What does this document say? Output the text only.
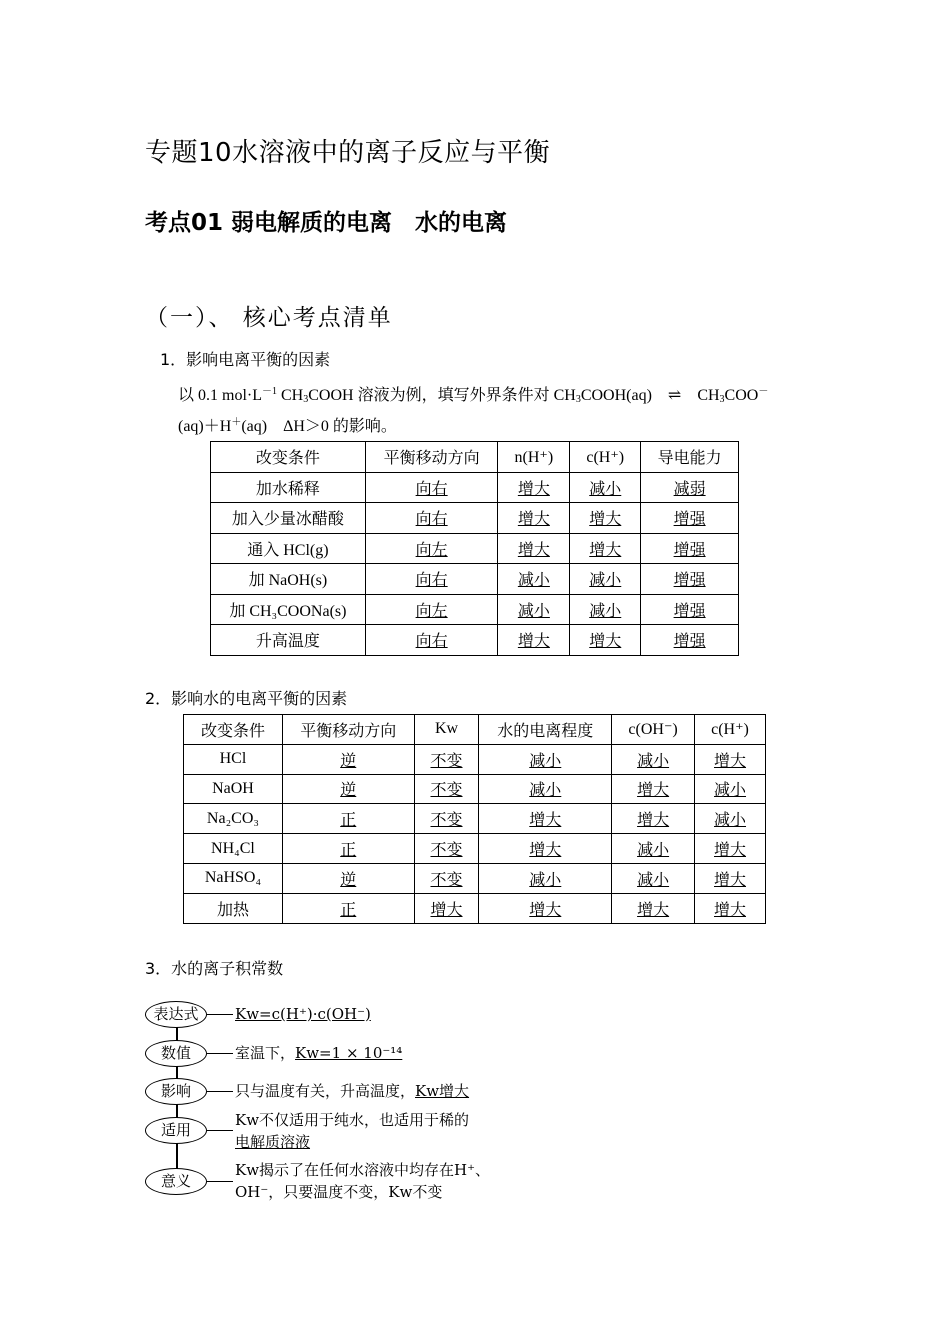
专题10水溶液中的离子反应与平衡
考点01 弱电解质的电离　水的电离
（一）、 核心考点清单
1．影响电离平衡的因素
以 0.1 $mol\cdot L^{-1}$ $CH_3COOH$ 溶液为例，填写外界条件对 $CH_3COOH(aq)$　⇌　$CH_3COO^-$
(aq)＋H＋(aq)　ΔH＞0 的影响。
改变条件	平衡移动方向	n(H⁺)	c(H⁺)	导电能力
加水稀释	向右	增大	减小	减弱
加入少量冰醋酸	向右	增大	增大	增强
通入 HCl(g)	向左	增大	增大	增强
加 NaOH(s)	向右	减小	减小	增强
加 CH₃COONa(s)	向左	减小	减小	增强
升高温度	向右	增大	增大	增强
2．影响水的电离平衡的因素
改变条件	平衡移动方向	Kw	水的电离程度	c(OH⁻)	c(H⁺)
HCl	逆	不变	减小	减小	增大
NaOH	逆	不变	减小	增大	减小
Na₂CO₃	正	不变	增大	增大	减小
NH₄Cl	正	不变	增大	减小	增大
NaHSO₄	逆	不变	减小	减小	增大
加热	正	增大	增大	增大	增大
3．水的离子积常数
表达式	Kw=c(H⁺)·c(OH⁻)
数值	室温下，Kw=1 × 10⁻¹⁴
影响	只与温度有关，升高温度，Kw增大
适用
Kw不仅适用于纯水，也适用于稀的
电解质溶液
意义
Kw揭示了在任何水溶液中均存在H⁺、
OH⁻，只要温度不变，Kw不变
